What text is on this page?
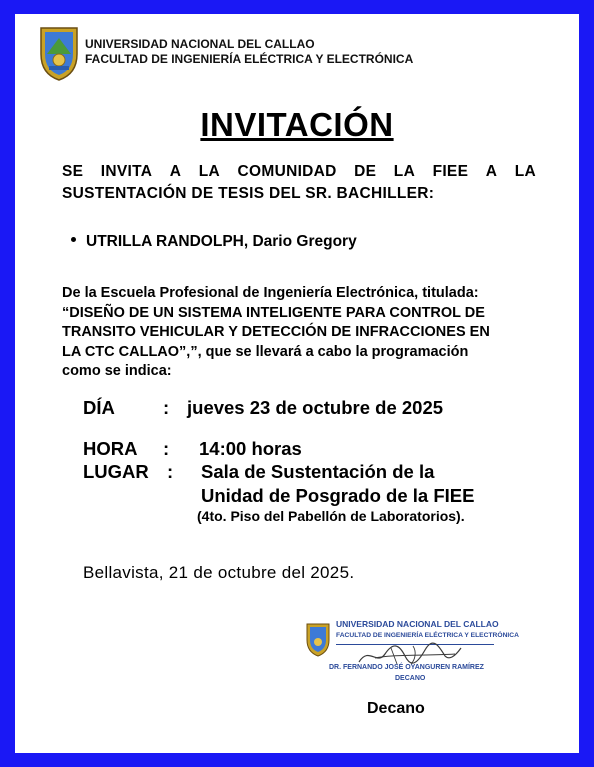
UNIVERSIDAD NACIONAL DEL CALLAO
FACULTAD DE INGENIERÍA ELÉCTRICA Y ELECTRÓNICA
INVITACIÓN
SE INVITA A LA COMUNIDAD DE LA FIEE A LA
SUSTENTACIÓN DE TESIS DEL SR. BACHILLER:
UTRILLA RANDOLPH, Dario Gregory
De la Escuela Profesional de Ingeniería Electrónica, titulada:
“DISEÑO DE UN SISTEMA INTELIGENTE PARA CONTROL DE
TRANSITO VEHICULAR Y DETECCIÓN DE INFRACCIONES EN
LA CTC CALLAO”,”, que se llevará a cabo la programación
como se indica:
DÍA	: jueves 23 de octubre de 2025
HORA : 14:00 horas
LUGAR : Sala de Sustentación de la
Unidad de Posgrado de la FIEE
(4to. Piso del Pabellón de Laboratorios).
Bellavista, 21 de octubre del 2025.
UNIVERSIDAD NACIONAL DEL CALLAO
FACULTAD DE INGENIERÍA ELÉCTRICA Y ELECTRÓNICA
DR. FERNANDO JOSÉ OYANGUREN RAMÍREZ
DECANO
Decano
